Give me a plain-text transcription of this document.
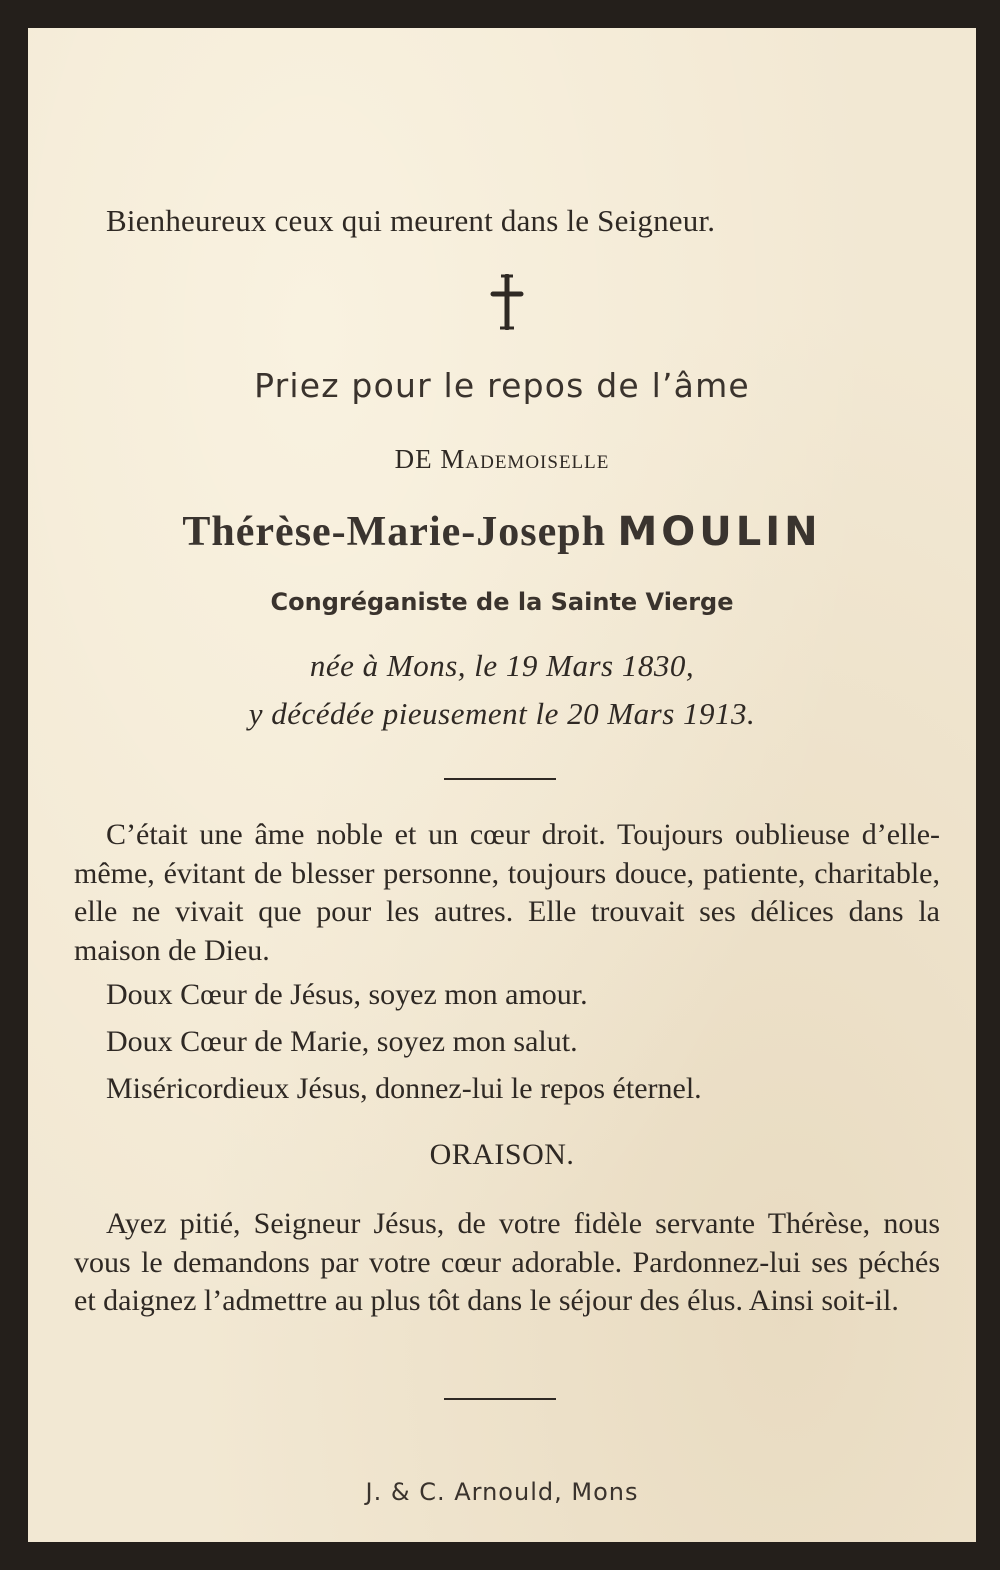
Bienheureux ceux qui meurent dans le Seigneur.
Priez pour le repos de l’âme
DE Mademoiselle
Thérèse-Marie-Joseph MOULIN
Congréganiste de la Sainte Vierge
née à Mons, le 19 Mars 1830,
y décédée pieusement le 20 Mars 1913.
C’était une âme noble et un cœur droit. Toujours oublieuse d’elle-même, évitant de blesser personne, toujours douce, patiente, charitable, elle ne vivait que pour les autres. Elle trouvait ses délices dans la maison de Dieu.
Doux Cœur de Jésus, soyez mon amour.
Doux Cœur de Marie, soyez mon salut.
Miséricordieux Jésus, donnez-lui le repos éternel.
ORAISON.
Ayez pitié, Seigneur Jésus, de votre fidèle servante Thérèse, nous vous le demandons par votre cœur adorable. Pardonnez-lui ses péchés et daignez l’admettre au plus tôt dans le séjour des élus. Ainsi soit-il.
J. & C. Arnould, Mons
